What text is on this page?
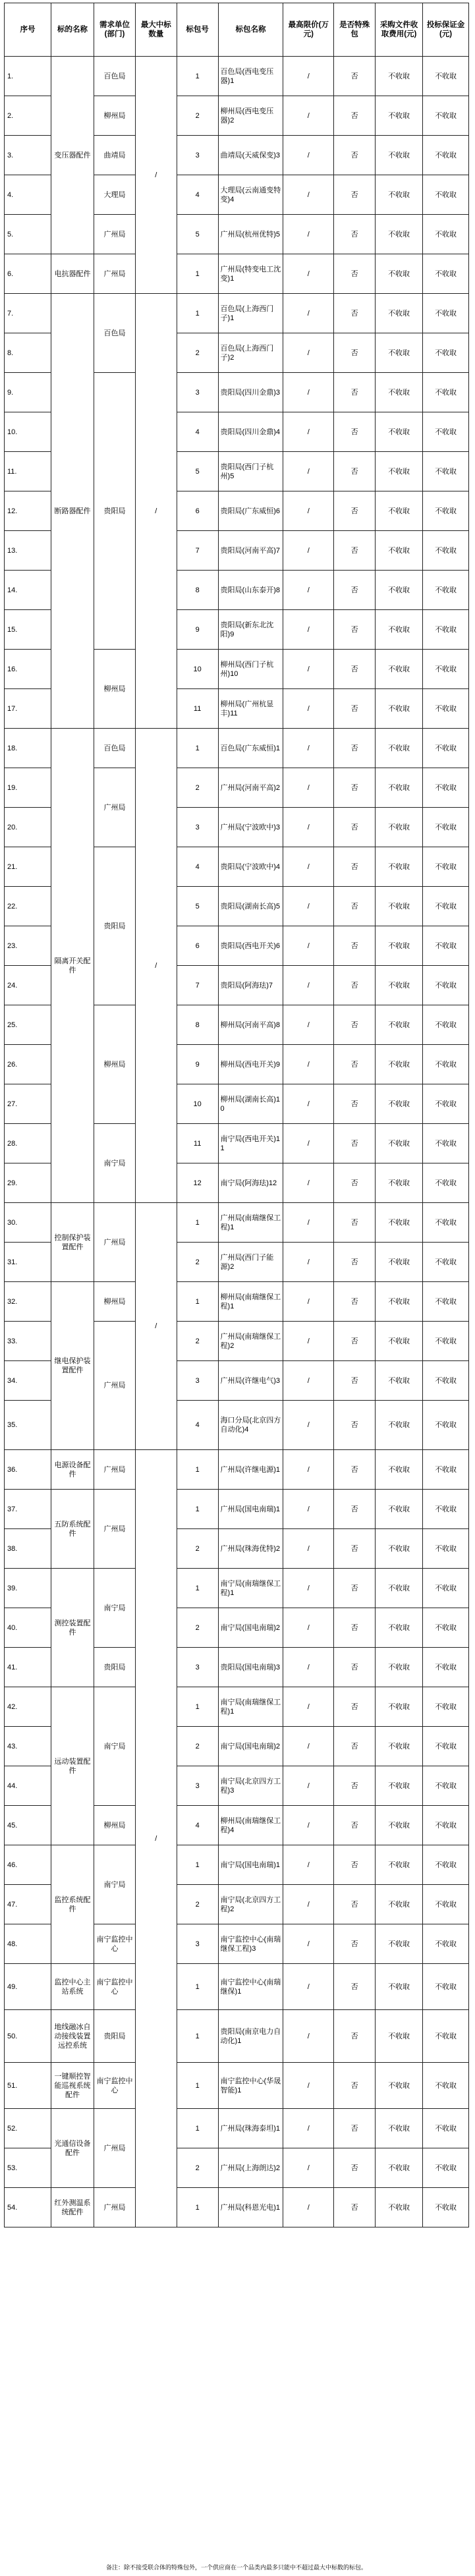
序号	标的名称	需求单位(部门)	最大中标数量	标包号	标包名称	最高限价(万元)	是否特殊包	采购文件收取费用(元)	投标保证金(元)
1.	变压器配件	百色局	/	1	百色局(西电变压器)1	/	否	不收取	不收取
2.		柳州局		2	柳州局(西电变压器)2	/	否	不收取	不收取
3.		曲靖局		3	曲靖局(天威保变)3	/	否	不收取	不收取
4.		大理局		4	大理局(云南通变特变)4	/	否	不收取	不收取
5.		广州局		5	广州局(杭州优特)5	/	否	不收取	不收取
6.	电抗器配件	广州局		1	广州局(特变电工沈变)1	/	否	不收取	不收取
7.	断路器配件	百色局	/	1	百色局(上海西门子)1	/	否	不收取	不收取
8.				2	百色局(上海西门子)2	/	否	不收取	不收取
9.		贵阳局		3	贵阳局(四川金鼎)3	/	否	不收取	不收取
10.				4	贵阳局(四川金鼎)4	/	否	不收取	不收取
11.				5	贵阳局(西门子杭州)5	/	否	不收取	不收取
12.				6	贵阳局(广东威恒)6	/	否	不收取	不收取
13.				7	贵阳局(河南平高)7	/	否	不收取	不收取
14.				8	贵阳局(山东泰开)8	/	否	不收取	不收取
15.				9	贵阳局(新东北沈阳)9	/	否	不收取	不收取
16.		柳州局		10	柳州局(西门子杭州)10	/	否	不收取	不收取
17.				11	柳州局(广州杭显丰)11	/	否	不收取	不收取
18.	隔离开关配件	百色局	/	1	百色局(广东威恒)1	/	否	不收取	不收取
19.		广州局		2	广州局(河南平高)2	/	否	不收取	不收取
20.				3	广州局(宁波欧中)3	/	否	不收取	不收取
21.		贵阳局		4	贵阳局(宁波欧中)4	/	否	不收取	不收取
22.				5	贵阳局(湖南长高)5	/	否	不收取	不收取
23.				6	贵阳局(西电开关)6	/	否	不收取	不收取
24.				7	贵阳局(阿海珐)7	/	否	不收取	不收取
25.		柳州局		8	柳州局(河南平高)8	/	否	不收取	不收取
26.				9	柳州局(西电开关)9	/	否	不收取	不收取
27.				10	柳州局(湖南长高)10	/	否	不收取	不收取
28.		南宁局		11	南宁局(西电开关)11	/	否	不收取	不收取
29.				12	南宁局(阿海珐)12	/	否	不收取	不收取
30.	控制保护装置配件	广州局	/	1	广州局(南瑞继保工程)1	/	否	不收取	不收取
31.				2	广州局(西门子能源)2	/	否	不收取	不收取
32.	继电保护装置配件	柳州局		1	柳州局(南瑞继保工程)1	/	否	不收取	不收取
33.		广州局		2	广州局(南瑞继保工程)2	/	否	不收取	不收取
34.				3	广州局(许继电气)3	/	否	不收取	不收取
35.				4	海口分局(北京四方自动化)4	/	否	不收取	不收取
36.	电源设备配件	广州局	/	1	广州局(许继电源)1	/	否	不收取	不收取
37.	五防系统配件	广州局		1	广州局(国电南瑞)1	/	否	不收取	不收取
38.				2	广州局(珠海优特)2	/	否	不收取	不收取
39.	测控装置配件	南宁局		1	南宁局(南瑞继保工程)1	/	否	不收取	不收取
40.				2	南宁局(国电南瑞)2	/	否	不收取	不收取
41.		贵阳局		3	贵阳局(国电南瑞)3	/	否	不收取	不收取
42.	远动装置配件	南宁局		1	南宁局(南瑞继保工程)1	/	否	不收取	不收取
43.				2	南宁局(国电南瑞)2	/	否	不收取	不收取
44.				3	南宁局(北京四方工程)3	/	否	不收取	不收取
45.		柳州局		4	柳州局(南瑞继保工程)4	/	否	不收取	不收取
46.	监控系统配件	南宁局		1	南宁局(国电南瑞)1	/	否	不收取	不收取
47.				2	南宁局(北京四方工程)2	/	否	不收取	不收取
48.		南宁监控中心		3	南宁监控中心(南瑞继保工程)3	/	否	不收取	不收取
49.	监控中心主站系统	南宁监控中心		1	南宁监控中心(南瑞继保)1	/	否	不收取	不收取
50.	地线融冰自动接线装置远控系统	贵阳局		1	贵阳局(南京电力自动化)1	/	否	不收取	不收取
51.	一键顺控智能巡视系统配件	南宁监控中心		1	南宁监控中心(华晟智能)1	/	否	不收取	不收取
52.	光通信设备配件	广州局		1	广州局(珠海泰坦)1	/	否	不收取	不收取
53.				2	广州局(上海朗达)2	/	否	不收取	不收取
54.	红外测温系统配件	广州局		1	广州局(科恩光电)1	/	否	不收取	不收取
备注：除不接受联合体的特殊包外，一个供应商在一个品类内最多只能中不超过最大中标数的标包。
